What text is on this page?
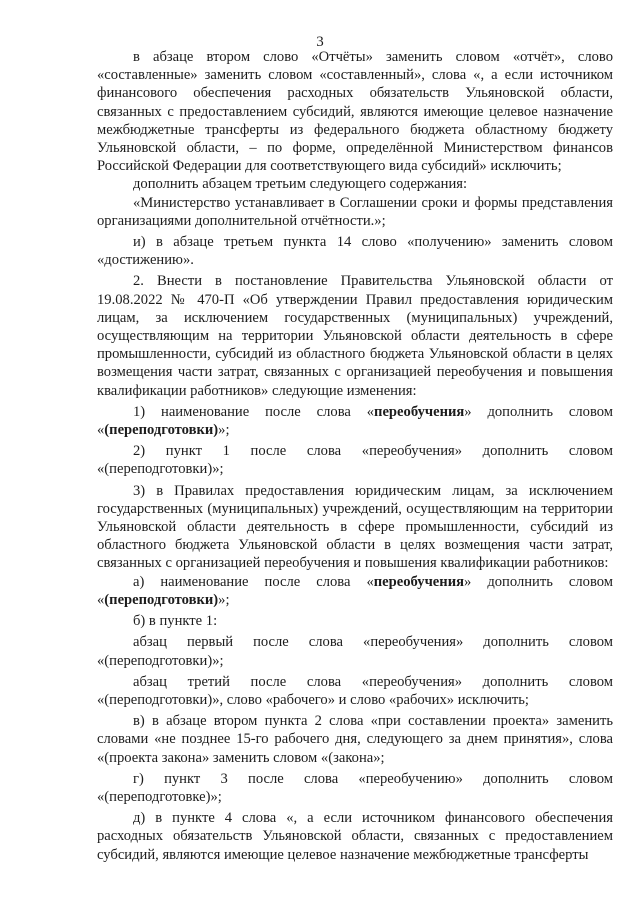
3

в абзаце втором слово «Отчёты» заменить словом «отчёт», слово «составленные» заменить словом «составленный», слова «, а если источником финансового обеспечения расходных обязательств Ульяновской области, связанных с предоставлением субсидий, являются имеющие целевое назначение межбюджетные трансферты из федерального бюджета областному бюджету Ульяновской области, – по форме, определённой Министерством финансов Российской Федерации для соответствующего вида субсидий» исключить;

дополнить абзацем третьим следующего содержания:

«Министерство устанавливает в Соглашении сроки и формы представления организациями дополнительной отчётности.»;

и) в абзаце третьем пункта 14 слово «получению» заменить словом «достижению».

2. Внести в постановление Правительства Ульяновской области от 19.08.2022 № 470-П «Об утверждении Правил предоставления юридическим лицам, за исключением государственных (муниципальных) учреждений, осуществляющим на территории Ульяновской области деятельность в сфере промышленности, субсидий из областного бюджета Ульяновской области в целях возмещения части затрат, связанных с организацией переобучения и повышения квалификации работников» следующие изменения:

1) наименование после слова «переобучения» дополнить словом «(переподготовки)»;

2) пункт 1 после слова «переобучения» дополнить словом «(переподготовки)»;

3) в Правилах предоставления юридическим лицам, за исключением государственных (муниципальных) учреждений, осуществляющим на территории Ульяновской области деятельность в сфере промышленности, субсидий из областного бюджета Ульяновской области в целях возмещения части затрат, связанных с организацией переобучения и повышения квалификации работников:

а) наименование после слова «переобучения» дополнить словом «(переподготовки)»;

б) в пункте 1:

абзац первый после слова «переобучения» дополнить словом «(переподготовки)»;

абзац третий после слова «переобучения» дополнить словом «(переподготовки)», слово «рабочего» и слово «рабочих» исключить;

в) в абзаце втором пункта 2 слова «при составлении проекта» заменить словами «не позднее 15-го рабочего дня, следующего за днем принятия», слова «(проекта закона» заменить словом «(закона»;

г) пункт 3 после слова «переобучению» дополнить словом «(переподготовке)»;

д) в пункте 4 слова «, а если источником финансового обеспечения расходных обязательств Ульяновской области, связанных с предоставлением субсидий, являются имеющие целевое назначение межбюджетные трансферты
